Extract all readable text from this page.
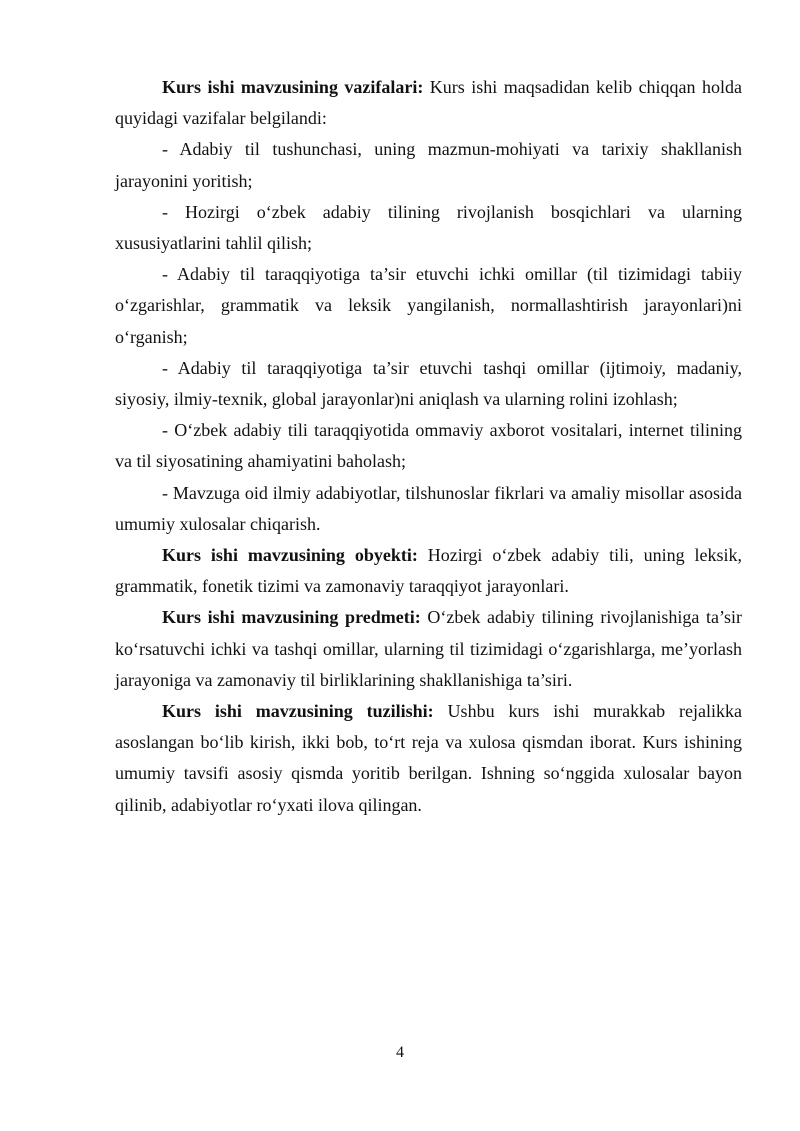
Kurs ishi mavzusining vazifalari: Kurs ishi maqsadidan kelib chiqqan holda quyidagi vazifalar belgilandi:

- Adabiy til tushunchasi, uning mazmun-mohiyati va tarixiy shakllanish jarayonini yoritish;

- Hozirgi o‘zbek adabiy tilining rivojlanish bosqichlari va ularning xususiyatlarini tahlil qilish;

- Adabiy til taraqqiyotiga ta’sir etuvchi ichki omillar (til tizimidagi tabiiy o‘zgarishlar, grammatik va leksik yangilanish, normallashtirish jarayonlari)ni o‘rganish;

- Adabiy til taraqqiyotiga ta’sir etuvchi tashqi omillar (ijtimoiy, madaniy, siyosiy, ilmiy-texnik, global jarayonlar)ni aniqlash va ularning rolini izohlash;

- O‘zbek adabiy tili taraqqiyotida ommaviy axborot vositalari, internet tilining va til siyosatining ahamiyatini baholash;

- Mavzuga oid ilmiy adabiyotlar, tilshunoslar fikrlari va amaliy misollar asosida umumiy xulosalar chiqarish.

Kurs ishi mavzusining obyekti: Hozirgi o‘zbek adabiy tili, uning leksik, grammatik, fonetik tizimi va zamonaviy taraqqiyot jarayonlari.

Kurs ishi mavzusining predmeti: O‘zbek adabiy tilining rivojlanishiga ta’sir ko‘rsatuvchi ichki va tashqi omillar, ularning til tizimidagi o‘zgarishlarga, me’yorlash jarayoniga va zamonaviy til birliklarining shakllanishiga ta’siri.

Kurs ishi mavzusining tuzilishi: Ushbu kurs ishi murakkab rejalikka asoslangan bo‘lib kirish, ikki bob, to‘rt reja va xulosa qismdan iborat. Kurs ishining umumiy tavsifi asosiy qismda yoritib berilgan. Ishning so‘nggida xulosalar bayon qilinib, adabiyotlar ro‘yxati ilova qilingan.

4
